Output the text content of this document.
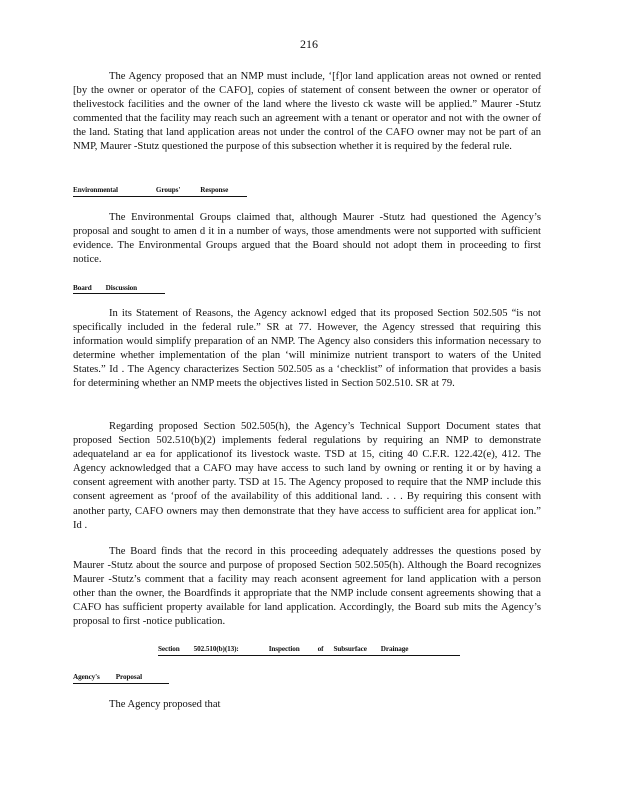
216

The Agency proposed that an NMP must include, ‘[f]or land application areas not owned or rented [by the owner or operator of the CAFO], copies of statement of consent between the owner or operator of thelivestock facilities and the owner of the land where the livesto ck waste will be applied.” Maurer -Stutz commented that the facility may reach such an agreement with a tenant or operator and not with the owner of the land. Stating that land application areas not under the control of the CAFO owner may not be part of an NMP, Maurer -Stutz questioned the purpose of this subsection whether it is required by the federal rule.

Environmental	Groups'	Response

The Environmental Groups claimed that, although Maurer -Stutz had questioned the Agency’s proposal and sought to amen d it in a number of ways, those amendments were not supported with sufficient evidence. The Environmental Groups argued that the Board should not adopt them in proceeding to first notice.

Board Discussion

In its Statement of Reasons, the Agency acknowl edged that its proposed Section 502.505 “is not specifically included in the federal rule.” SR at 77. However, the Agency stressed that requiring this information would simplify preparation of an NMP. The Agency also considers this information necessary to determine whether implementation of the plan ‘will minimize nutrient transport to waters of the United States.” Id . The Agency characterizes Section 502.505 as a ‘checklist” of information that provides a basis for determining whether an NMP meets the objectives listed in Section 502.510. SR at 79.

Regarding proposed Section 502.505(h), the Agency’s Technical Support Document states that proposed Section 502.510(b)(2) implements federal regulations by requiring an NMP to demonstrate adequateland ar ea for applicationof its livestock waste. TSD at 15, citing 40 C.F.R. 122.42(e), 412. The Agency acknowledged that a CAFO may have access to such land by owning or renting it or by having a consent agreement with another party. TSD at 15. The Agency proposed to require that the NMP include this consent agreement as ‘proof of the availability of this additional land. . . . By requiring this consent with another party, CAFO owners may then demonstrate that they have access to sufficient area for applicat ion.” Id .

The Board finds that the record in this proceeding adequately addresses the questions posed by Maurer -Stutz about the source and purpose of proposed Section 502.505(h). Although the Board recognizes Maurer -Stutz’s comment that a facility may reach aconsent agreement for land application with a person other than the owner, the Boardfinds it appropriate that the NMP include consent agreements showing that a CAFO has sufficient property available for land application. Accordingly, the Board sub mits the Agency’s proposal to first -notice publication.

Section 502.510(b)(13):	Inspection	of Subsurface Drainage
Agency's Proposal

The Agency proposed that
